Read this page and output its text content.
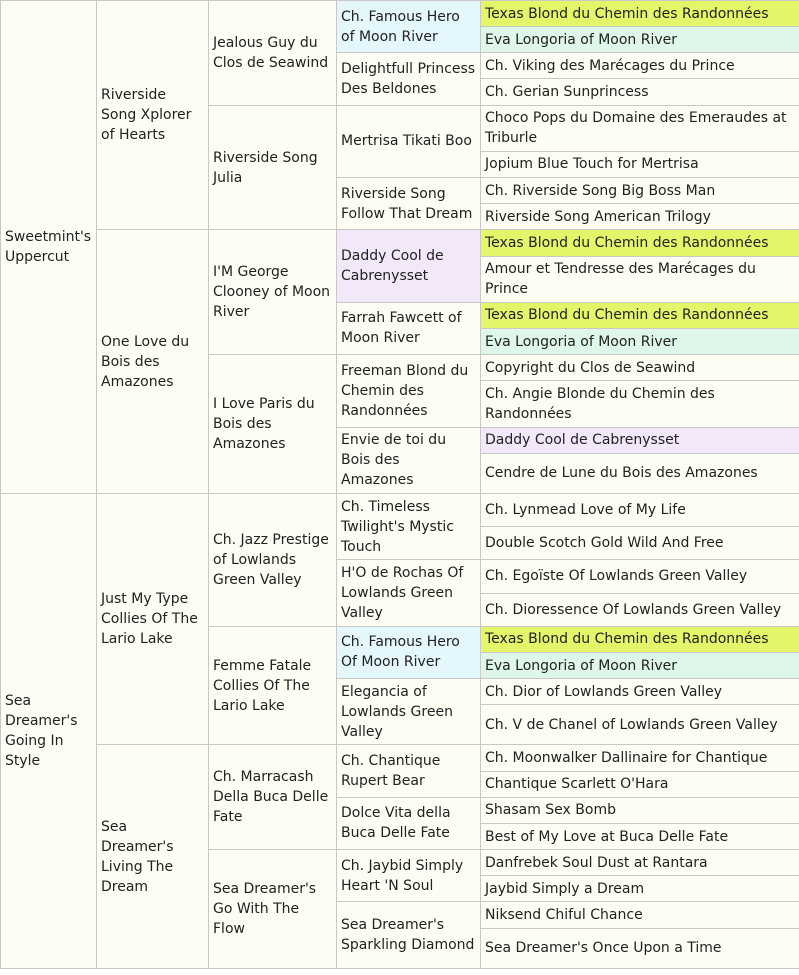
Sweetmint's Uppercut	Riverside Song Xplorer of Hearts	Jealous Guy du Clos de Seawind	Ch. Famous Hero of Moon River	Texas Blond du Chemin des Randonnées
				Eva Longoria of Moon River
			Delightfull Princess Des Beldones	Ch. Viking des Marécages du Prince
				Ch. Gerian Sunprincess
		Riverside Song Julia	Mertrisa Tikati Boo	Choco Pops du Domaine des Emeraudes at Triburle
				Jopium Blue Touch for Mertrisa
			Riverside Song Follow That Dream	Ch. Riverside Song Big Boss Man
				Riverside Song American Trilogy
	One Love du Bois des Amazones	I'M George Clooney of Moon River	Daddy Cool de Cabrenysset	Texas Blond du Chemin des Randonnées
				Amour et Tendresse des Marécages du Prince
			Farrah Fawcett of Moon River	Texas Blond du Chemin des Randonnées
				Eva Longoria of Moon River
		I Love Paris du Bois des Amazones	Freeman Blond du Chemin des Randonnées	Copyright du Clos de Seawind
				Ch. Angie Blonde du Chemin des Randonnées
			Envie de toi du Bois des Amazones	Daddy Cool de Cabrenysset
				Cendre de Lune du Bois des Amazones
Sea Dreamer's Going In Style	Just My Type Collies Of The Lario Lake	Ch. Jazz Prestige of Lowlands Green Valley	Ch. Timeless Twilight's Mystic Touch	Ch. Lynmead Love of My Life
				Double Scotch Gold Wild And Free
			H'O de Rochas Of Lowlands Green Valley	Ch. Egoïste Of Lowlands Green Valley
				Ch. Dioressence Of Lowlands Green Valley
		Femme Fatale Collies Of The Lario Lake	Ch. Famous Hero Of Moon River	Texas Blond du Chemin des Randonnées
				Eva Longoria of Moon River
			Elegancia of Lowlands Green Valley	Ch. Dior of Lowlands Green Valley
				Ch. V de Chanel of Lowlands Green Valley
	Sea Dreamer's Living The Dream	Ch. Marracash Della Buca Delle Fate	Ch. Chantique Rupert Bear	Ch. Moonwalker Dallinaire for Chantique
				Chantique Scarlett O'Hara
			Dolce Vita della Buca Delle Fate	Shasam Sex Bomb
				Best of My Love at Buca Delle Fate
		Sea Dreamer's Go With The Flow	Ch. Jaybid Simply Heart 'N Soul	Danfrebek Soul Dust at Rantara
				Jaybid Simply a Dream
			Sea Dreamer's Sparkling Diamond	Niksend Chiful Chance
				Sea Dreamer's Once Upon a Time
